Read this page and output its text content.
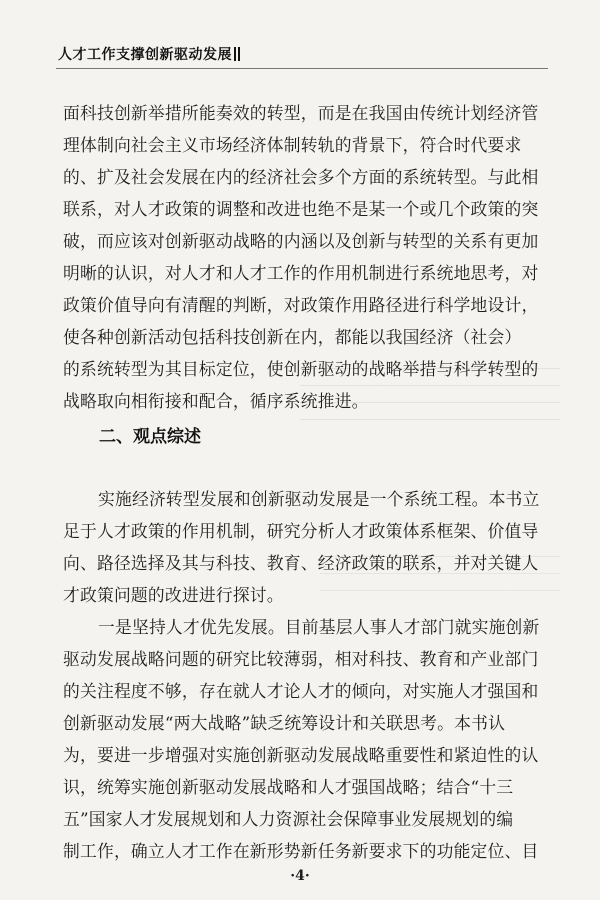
人才工作支撑创新驱动发展
面科技创新举措所能奏效的转型，而是在我国由传统计划经济管
理体制向社会主义市场经济体制转轨的背景下，符合时代要求
的、扩及社会发展在内的经济社会多个方面的系统转型。与此相
联系，对人才政策的调整和改进也绝不是某一个或几个政策的突
破，而应该对创新驱动战略的内涵以及创新与转型的关系有更加
明晰的认识，对人才和人才工作的作用机制进行系统地思考，对
政策价值导向有清醒的判断，对政策作用路径进行科学地设计，
使各种创新活动包括科技创新在内，都能以我国经济（社会）
的系统转型为其目标定位，使创新驱动的战略举措与科学转型的
战略取向相衔接和配合，循序系统推进。
二、观点综述
实施经济转型发展和创新驱动发展是一个系统工程。本书立
足于人才政策的作用机制，研究分析人才政策体系框架、价值导
向、路径选择及其与科技、教育、经济政策的联系，并对关键人
才政策问题的改进进行探讨。
一是坚持人才优先发展。目前基层人事人才部门就实施创新
驱动发展战略问题的研究比较薄弱，相对科技、教育和产业部门
的关注程度不够，存在就人才论人才的倾向，对实施人才强国和
创新驱动发展“两大战略”缺乏统筹设计和关联思考。本书认
为，要进一步增强对实施创新驱动发展战略重要性和紧迫性的认
识，统筹实施创新驱动发展战略和人才强国战略；结合“十三
五”国家人才发展规划和人力资源社会保障事业发展规划的编
制工作，确立人才工作在新形势新任务新要求下的功能定位、目
·4·
